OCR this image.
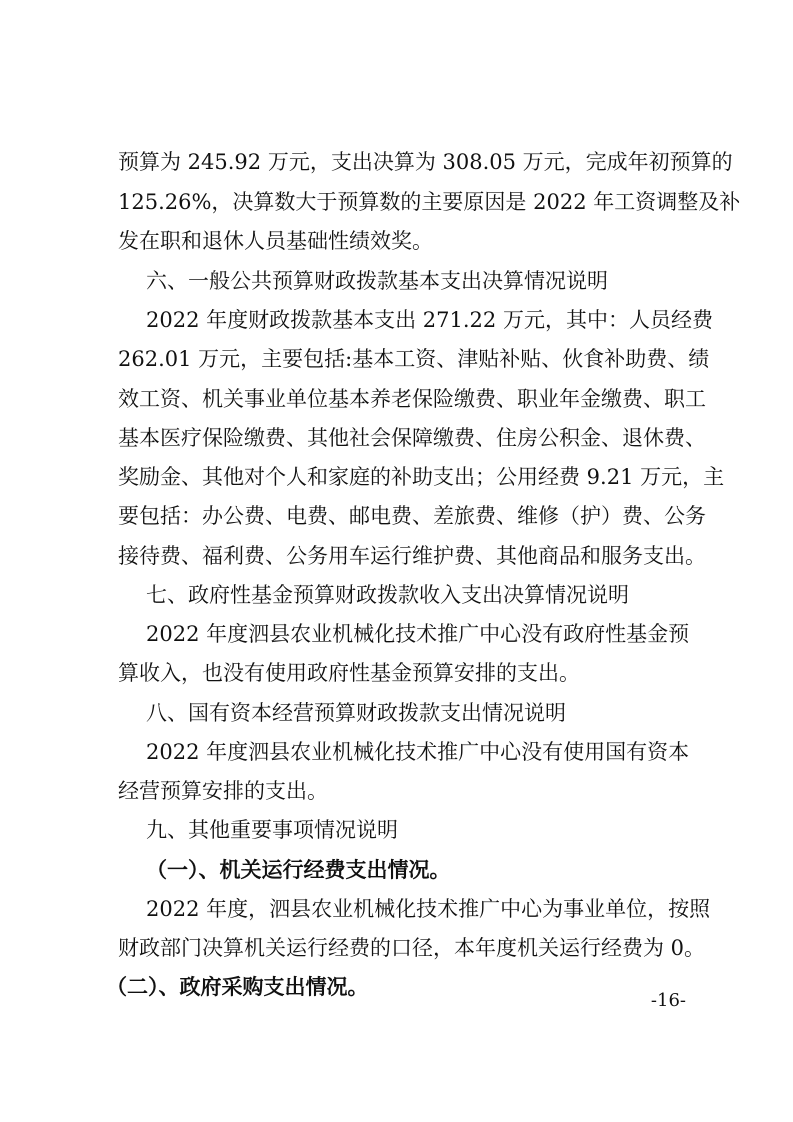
预算为 245.92 万元，支出决算为 308.05 万元，完成年初预算的
125.26%，决算数大于预算数的主要原因是 2022 年工资调整及补
发在职和退休人员基础性绩效奖。
六、一般公共预算财政拨款基本支出决算情况说明
2022 年度财政拨款基本支出 271.22 万元，其中：人员经费
262.01 万元，主要包括:基本工资、津贴补贴、伙食补助费、绩
效工资、机关事业单位基本养老保险缴费、职业年金缴费、职工
基本医疗保险缴费、其他社会保障缴费、住房公积金、退休费、
奖励金、其他对个人和家庭的补助支出；公用经费 9.21 万元，主
要包括：办公费、电费、邮电费、差旅费、维修（护）费、公务
接待费、福利费、公务用车运行维护费、其他商品和服务支出。
七、政府性基金预算财政拨款收入支出决算情况说明
2022 年度泗县农业机械化技术推广中心没有政府性基金预
算收入，也没有使用政府性基金预算安排的支出。
八、国有资本经营预算财政拨款支出情况说明
2022 年度泗县农业机械化技术推广中心没有使用国有资本
经营预算安排的支出。
九、其他重要事项情况说明
（一）、机关运行经费支出情况。
2022 年度，泗县农业机械化技术推广中心为事业单位，按照
财政部门决算机关运行经费的口径，本年度机关运行经费为 0。
（二）、政府采购支出情况。
-16-
